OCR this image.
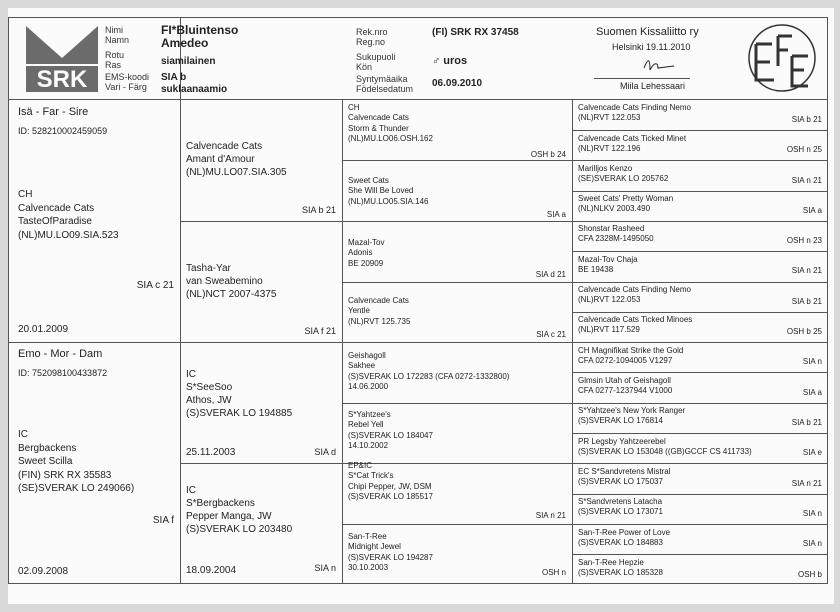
SRK
Nimi
Namn
FI*Bluintenso
Amedeo
Rotu
Ras	siamilainen
EMS-koodi
Vari - Färg
SIA b
suklaanaamio
Rek.nro
Reg.no
(FI) SRK RX 37458
Sukupuoli
Kön
♂ uros
Syntymäaika
Födelsedatum
06.09.2010
Suomen Kissaliitto ry
Helsinki 19.11.2010
Miila Lehessaari
Isä - Far - Sire
ID: 528210002459059
CH
Calvencade Cats
TasteOfParadise
(NL)MU.LO09.SIA.523
SIA c 21
20.01.2009
Emo - Mor - Dam
ID: 752098100433872
IC
Bergbackens
Sweet Scilla
(FIN) SRK RX 35583
(SE)SVERAK LO 249066)
SIA f
02.09.2008
Calvencade Cats
Amant d'Amour
(NL)MU.LO07.SIA.305
SIA b 21
Tasha-Yar
van Sweabemino
(NL)NCT 2007-4375
SIA f 21
IC
S*SeeSoo
Athos, JW
(S)SVERAK LO 194885
25.11.2003	SIA d
IC
S*Bergbackens
Pepper Manga, JW
(S)SVERAK LO 203480
18.09.2004	SIA n
CH
Calvencade Cats
Storm & Thunder
(NL)MU.LO06.OSH.162
OSH b 24
Sweet Cats
She Will Be Loved
(NL)MU.LO05.SIA.146
SIA a
Mazal-Tov
Adonis
BE 20909
SIA d 21
Calvencade Cats
Yentle
(NL)RVT 125.735
SIA c 21
Geishagoll
Sakhee
(S)SVERAK LO 172283 (CFA 0272-1332800)
14.06.2000
S*Yahtzee's
Rebel Yell
(S)SVERAK LO 184047
14.10.2002
EP&IC
S*Cat Trick's
Chipi Pepper, JW, DSM
(S)SVERAK LO 185517
SIA n 21
San-T-Ree
Midnight Jewel
(S)SVERAK LO 194287
30.10.2003
OSH n
Calvencade Cats Finding Nemo
(NL)RVT 122.053	SIA b 21
Calvencade Cats Ticked Minet
(NL)RVT 122.196	OSH n 25
Marilljos Kenzo
(SE)SVERAK LO 205762	SIA n 21
Sweet Cats' Pretty Woman
(NL)NLKV 2003.490	SIA a
Shonstar Rasheed
CFA 2328M-1495050	OSH n 23
Mazal-Tov Chaja
BE 19438	SIA n 21
Calvencade Cats Finding Nemo
(NL)RVT 122.053	SIA b 21
Calvencade Cats Ticked Minoes
(NL)RVT 117.529	OSH b 25
CH Magnifikat Strike the Gold
CFA 0272-1094005 V1297	SIA n
Glmsin Utah of Geishagoll
CFA 0277-1237944 V1000	SIA a
S*Yahtzee's New York Ranger
(S)SVERAK LO 176814	SIA b 21
PR Legsby Yahtzeerebel
(S)SVERAK LO 153048 ((GB)GCCF CS 411733)	SIA e
EC S*Sandvretens Mistral
(S)SVERAK LO 175037	SIA n 21
S*Sandvretens Latacha
(S)SVERAK LO 173071	SIA n
San-T-Ree Power of Love
(S)SVERAK LO 184883	SIA n
San-T-Ree Hepzie
(S)SVERAK LO 185328	OSH b
